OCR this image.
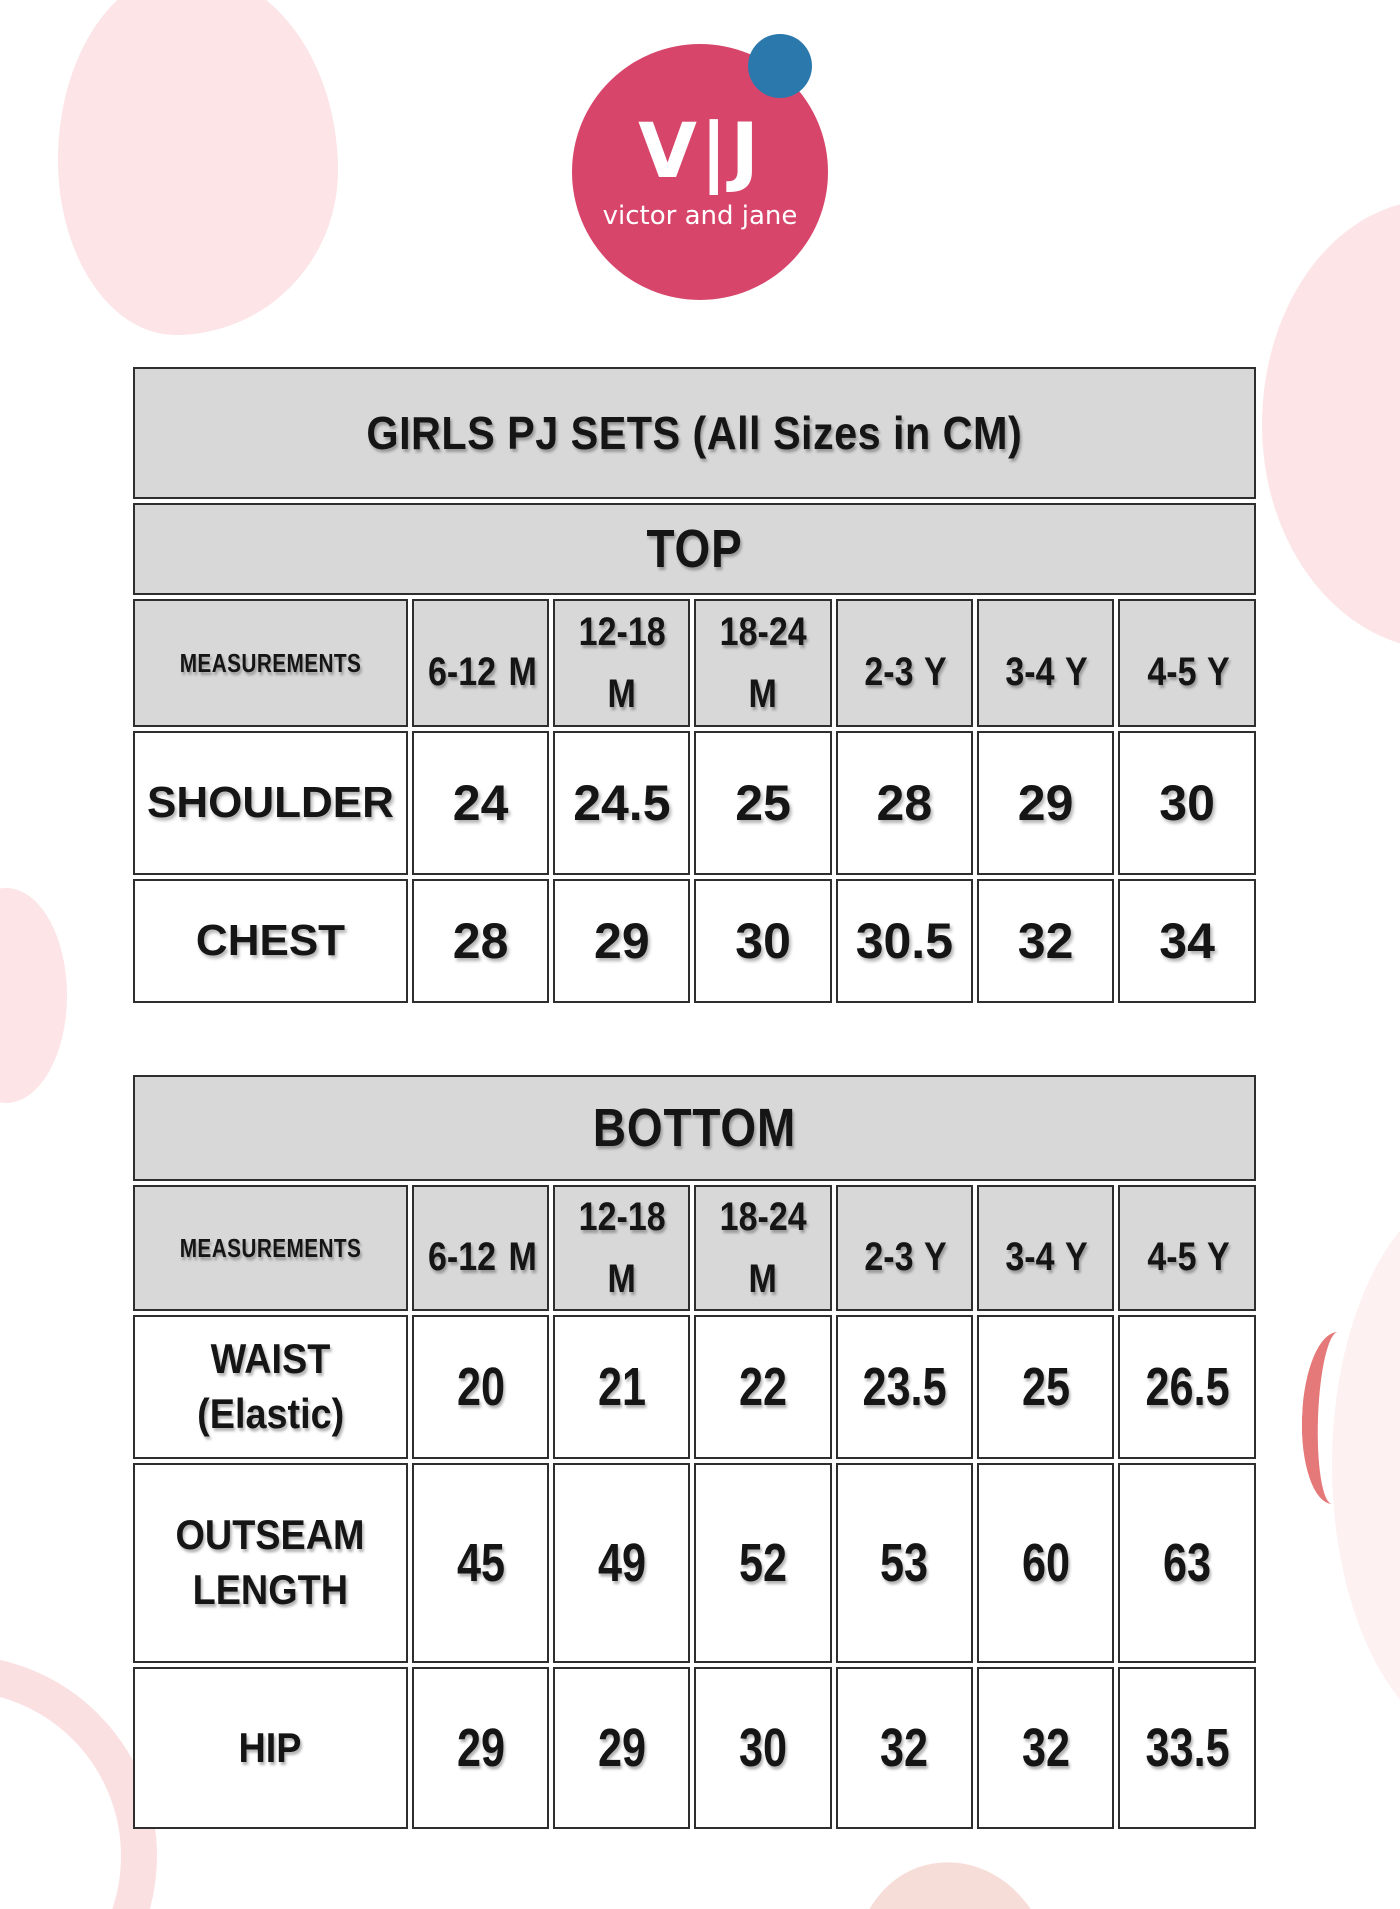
V|J
victor and jane
GIRLS PJ SETS (All Sizes in CM)						
TOP						
MEASUREMENTS	6-12 M	12-18 M	18-24 M	2-3 Y	3-4 Y	4-5 Y
SHOULDER	24	24.5	25	28	29	30
CHEST	28	29	30	30.5	32	34
BOTTOM						
MEASUREMENTS	6-12 M	12-18 M	18-24 M	2-3 Y	3-4 Y	4-5 Y
WAIST (Elastic)	20	21	22	23.5	25	26.5
OUTSEAM LENGTH	45	49	52	53	60	63
HIP	29	29	30	32	32	33.5
